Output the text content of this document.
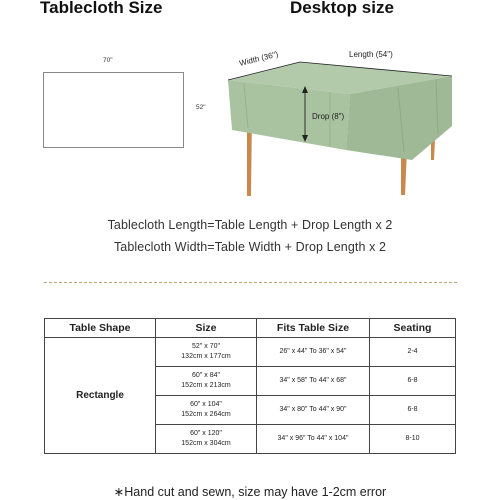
Tablecloth Size	Desktop size
70"
52"
Width (36")	Length (54")
Drop (8")
Tablecloth Length=Table Length + Drop Length x 2
Tablecloth Width=Table Width + Drop Length x 2
Table Shape	Size	Fits Table Size	Seating
Rectangle	52" x 70"
132cm x 177cm	26" x 44" To 36" x 54"	2-4
	60" x 84"
152cm x 213cm	34" x 58" To 44" x 68"	6-8
	60" x 104"
152cm x 264cm	34" x 80" To 44" x 90"	6-8
	60" x 120"
152cm x 304cm	34" x 96" To 44" x 104"	8-10
∗Hand cut and sewn, size may have 1-2cm error
